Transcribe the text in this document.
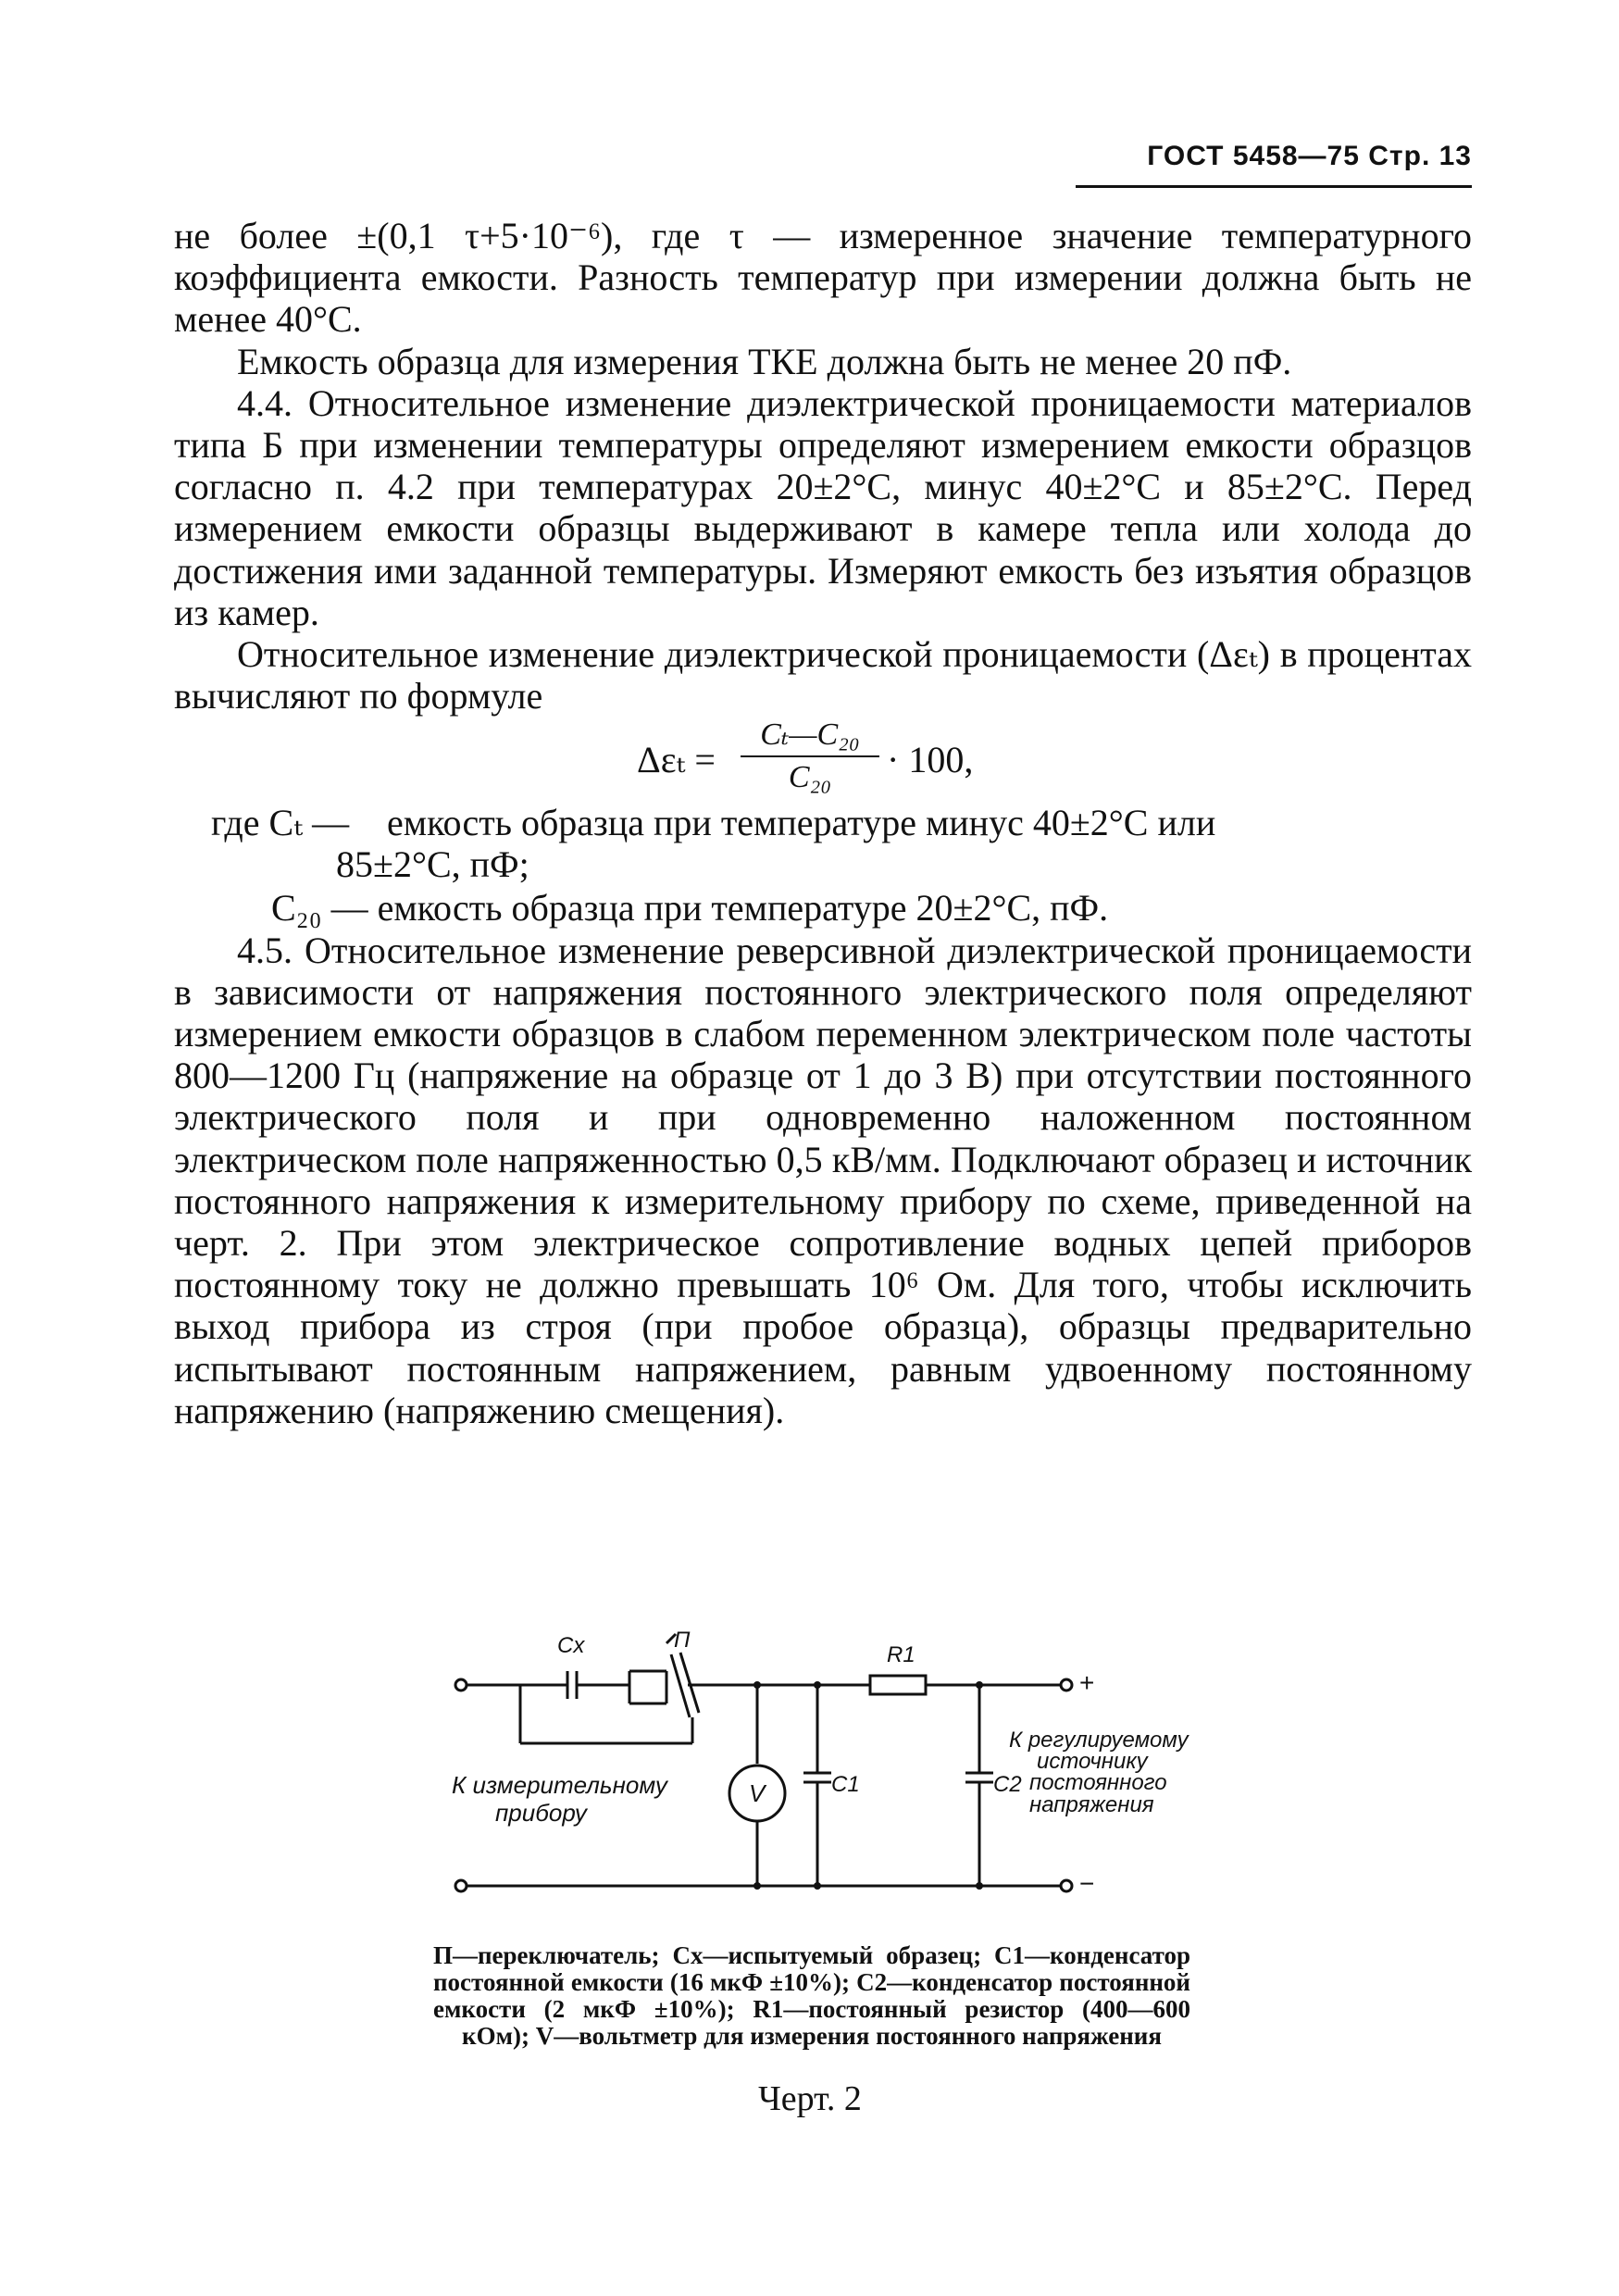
ГОСТ 5458—75 Стр. 13

не более ±(0,1 τ+5·10⁻⁶), где τ — измеренное значение температурного коэффициента емкости. Разность температур при измерении должна быть не менее 40°С.

Емкость образца для измерения ТКЕ должна быть не менее 20 пФ.

4.4. Относительное изменение диэлектрической проницаемости материалов типа Б при изменении температуры определяют измерением емкости образцов согласно п. 4.2 при температурах 20±2°С, минус 40±2°С и 85±2°С. Перед измерением емкости образцы выдерживают в камере тепла или холода до достижения ими заданной температуры. Измеряют емкость без изъятия образцов из камер.

Относительное изменение диэлектрической проницаемости (Δεₜ) в процентах вычисляют по формуле

Δεₜ =
Cₜ—C₂₀
C₂₀	· 100,
где Cₜ — емкость образца при температуре минус 40±2°С или
85±2°С, пФ;

C₂₀ — емкость образца при температуре 20±2°С, пФ.

4.5. Относительное изменение реверсивной диэлектрической проницаемости в зависимости от напряжения постоянного электрического поля определяют измерением емкости образцов в слабом переменном электрическом поле частоты 800—1200 Гц (напряжение на образце от 1 до 3 В) при отсутствии постоянного электрического поля и при одновременно наложенном постоянном электрическом поле напряженностью 0,5 кВ/мм. Подключают образец и источник постоянного напряжения к измерительному прибору по схеме, приведенной на черт. 2. При этом электрическое сопротивление водных цепей приборов постоянному току не должно превышать 10⁶ Ом. Для того, чтобы исключить выход прибора из строя (при пробое образца), образцы предварительно испытывают постоянным напряжением, равным удвоенному постоянному напряжению (напряжению смещения).

Cx	П
R1
C1	C2
V
+
−
К измерительному
прибору
К регулируемому
источнику
постоянного
напряжения
П—переключатель; Cx—испытуемый образец; C1—конденсатор постоянной емкости (16 мкФ ±10%); C2—конденсатор постоянной емкости (2 мкФ ±10%); R1—постоянный резистор (400—600 кОм); V—вольтметр для измерения постоянного напряжения
Черт. 2
